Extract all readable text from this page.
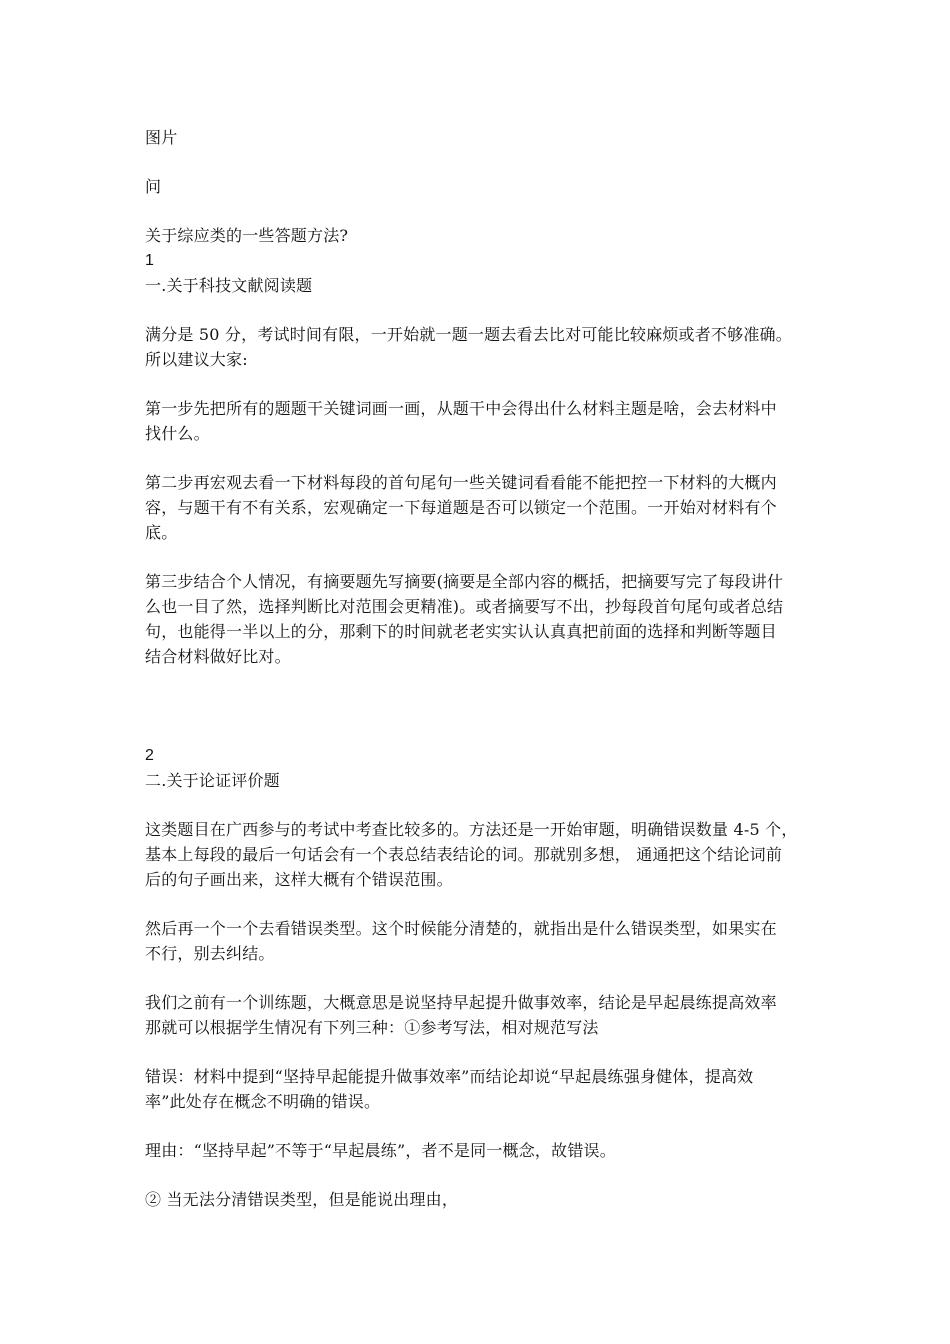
图片
问
关于综应类的一些答题方法?
1
一.关于科技文献阅读题
满分是 50 分，考试时间有限，一开始就一题一题去看去比对可能比较麻烦或者不够准确。
所以建议大家:
第一步先把所有的题题干关键词画一画，从题干中会得出什么材料主题是啥，会去材料中
找什么。
第二步再宏观去看一下材料每段的首句尾句一些关键词看看能不能把控一下材料的大概内
容，与题干有不有关系，宏观确定一下每道题是否可以锁定一个范围。一开始对材料有个
底。
第三步结合个人情况，有摘要题先写摘要(摘要是全部内容的概括，把摘要写完了每段讲什
么也一目了然，选择判断比对范围会更精准)。或者摘要写不出，抄每段首句尾句或者总结
句，也能得一半以上的分，那剩下的时间就老老实实认认真真把前面的选择和判断等题目
结合材料做好比对。
2
二.关于论证评价题
这类题目在广西参与的考试中考查比较多的。方法还是一开始审题，明确错误数量 4-5 个，
基本上每段的最后一句话会有一个表总结表结论的词。那就别多想， 通通把这个结论词前
后的句子画出来，这样大概有个错误范围。
然后再一个一个去看错误类型。这个时候能分清楚的，就指出是什么错误类型，如果实在
不行，别去纠结。
我们之前有一个训练题，大概意思是说坚持早起提升做事效率，结论是早起晨练提高效率
那就可以根据学生情况有下列三种：①参考写法，相对规范写法
错误：材料中提到“坚持早起能提升做事效率”而结论却说“早起晨练强身健体，提高效
率”此处存在概念不明确的错误。
理由：“坚持早起”不等于“早起晨练”，者不是同一概念，故错误。
② 当无法分清错误类型，但是能说出理由，
